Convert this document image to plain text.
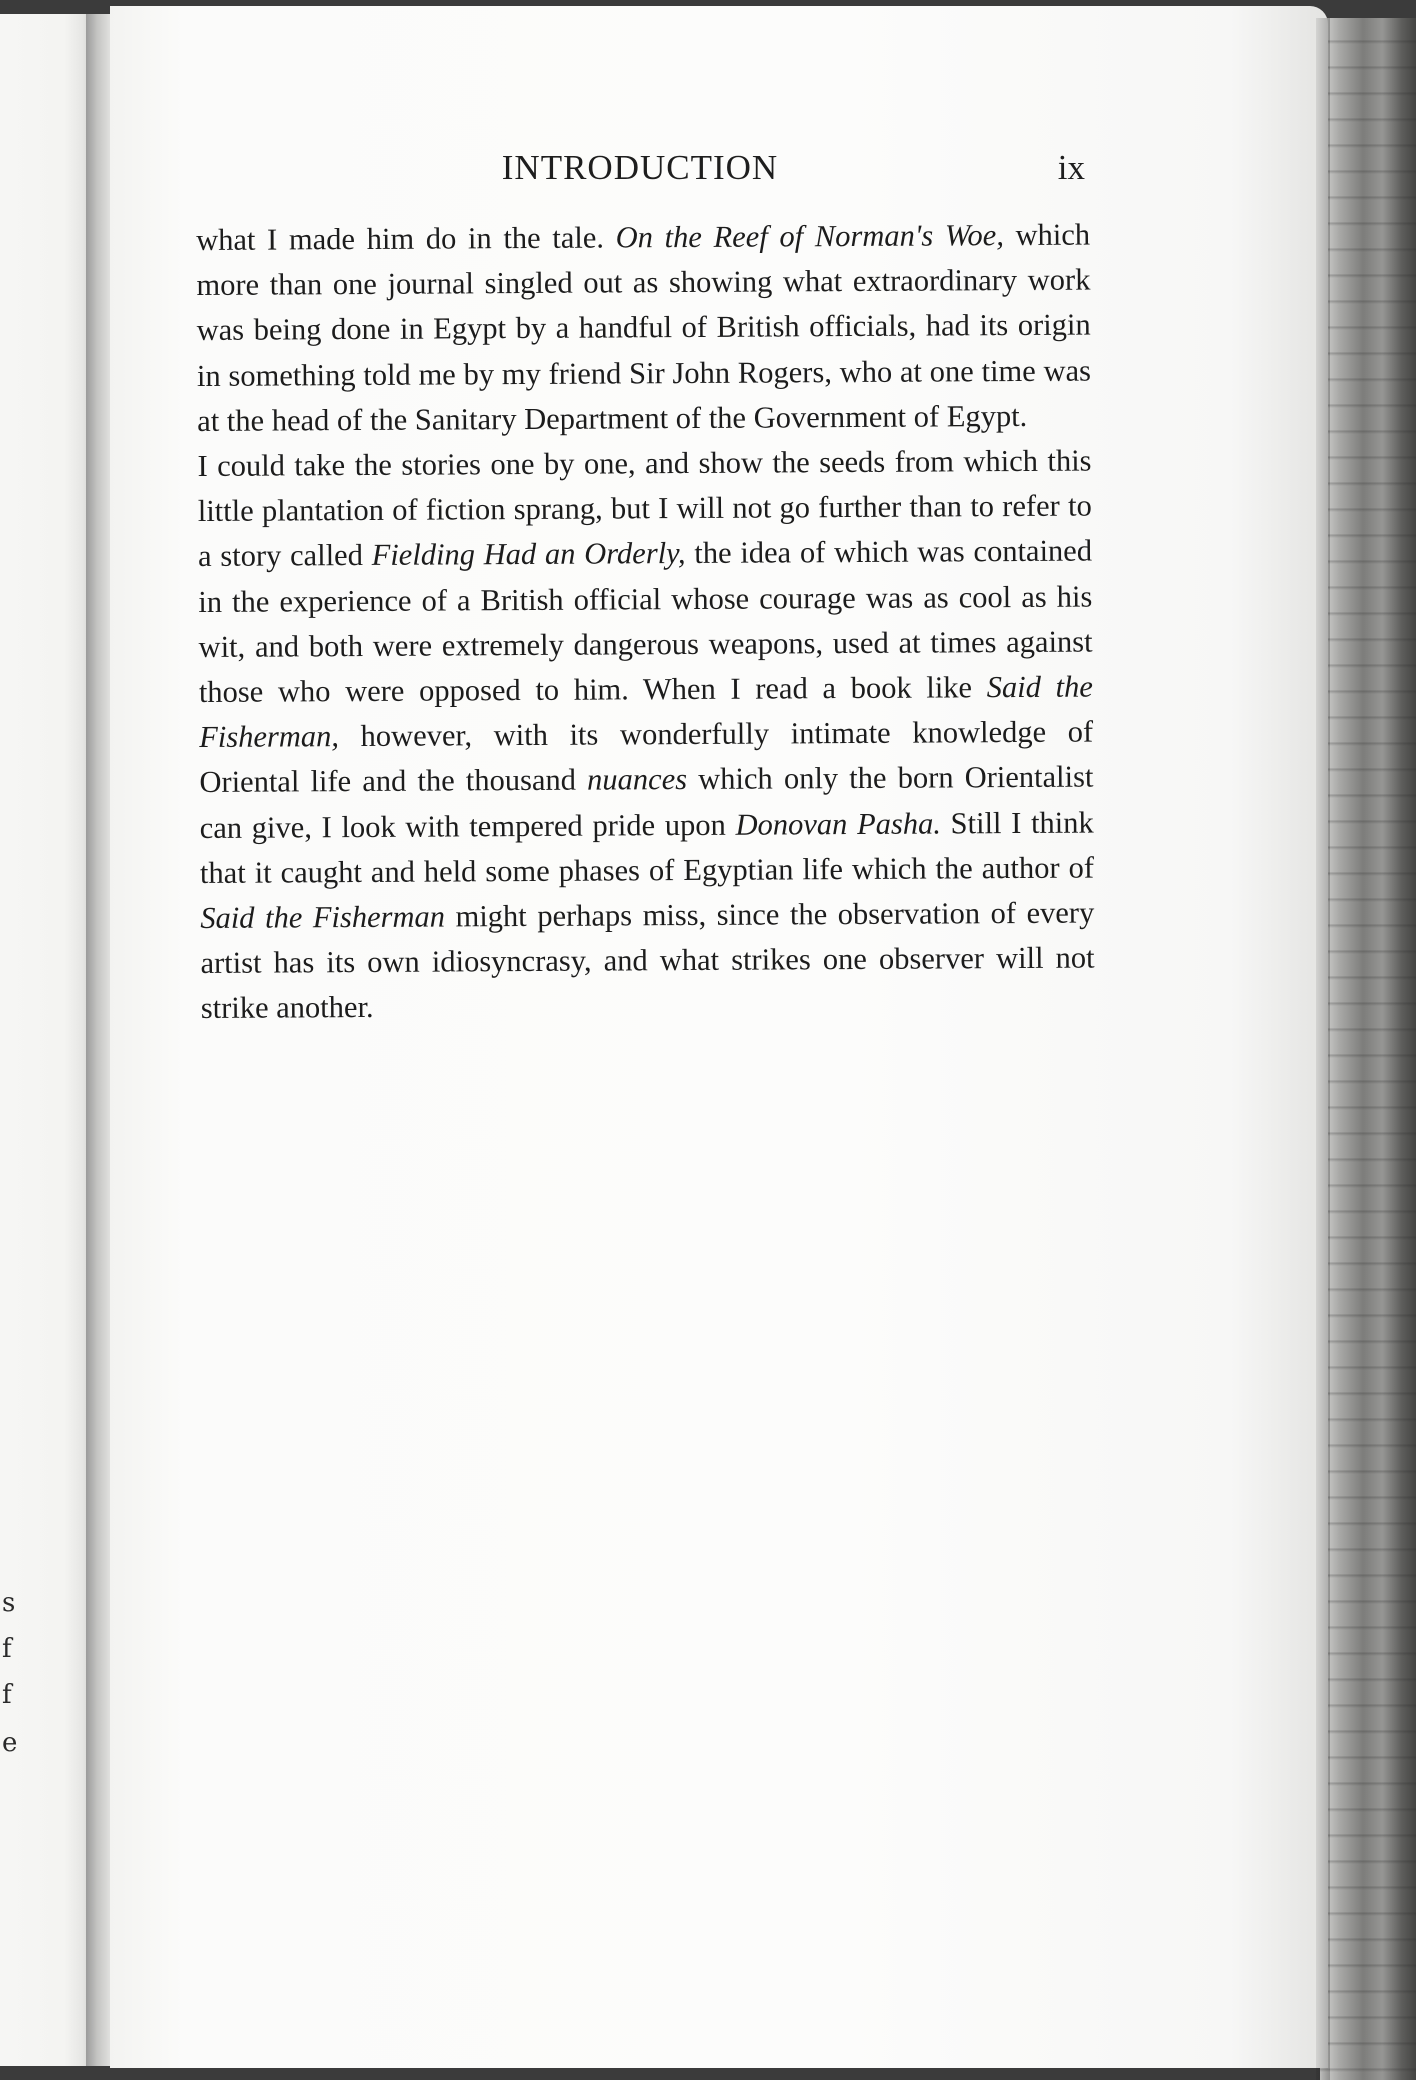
s
f
f
e
INTRODUCTION	ix

what I made him do in the tale. On the Reef of Norman's Woe, which more than one journal singled out as showing what extraordinary work was being done in Egypt by a handful of British officials, had its origin in something told me by my friend Sir John Rogers, who at one time was at the head of the Sanitary Department of the Government of Egypt.

I could take the stories one by one, and show the seeds from which this little plantation of fiction sprang, but I will not go further than to refer to a story called Fielding Had an Orderly, the idea of which was contained in the experience of a British official whose courage was as cool as his wit, and both were extremely dangerous weapons, used at times against those who were opposed to him. When I read a book like Said the Fisherman, however, with its wonderfully intimate knowledge of Oriental life and the thousand nuances which only the born Orientalist can give, I look with tempered pride upon Donovan Pasha. Still I think that it caught and held some phases of Egyptian life which the author of Said the Fisherman might perhaps miss, since the observation of every artist has its own idiosyncrasy, and what strikes one observer will not strike another.
